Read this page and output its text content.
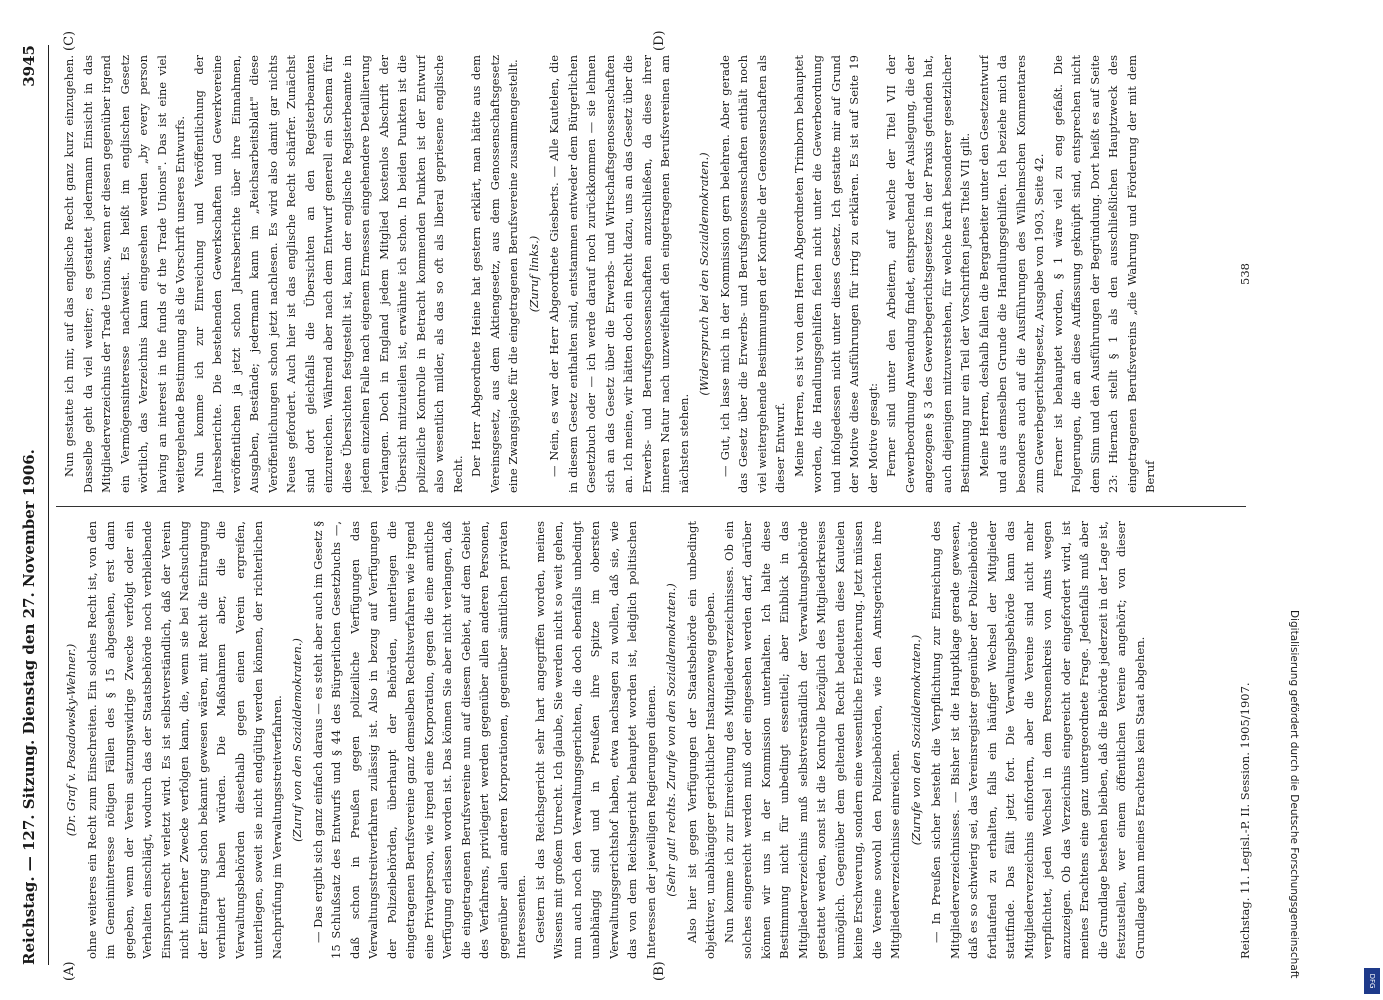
Reichstag. — 127. Sitzung. Dienstag den 27. November 1906.
3945

(Dr. Graf v. Posadowsky-Wehner.) ohne weiteres ein Recht zum Einschreiten. Ein solches Recht ist, von den im Gemeininteresse nötigen Fällen des § 15 abgesehen, erst dann gegeben, wenn der Verein satzungswidrige Zwecke verfolgt oder ein Verhalten einschlägt, wodurch das der Staatsbehörde noch verbleibende Einspruchsrecht verletzt wird. Es ist selbstverständlich, daß der Verein nicht hinterher Zwecke verfolgen kann, die, wenn sie bei Nachsuchung der Eintragung schon bekannt gewesen wären, mit Recht die Eintragung verhindert haben würden. Die Maßnahmen aber, die die Verwaltungsbehörden diesethalb gegen einen Verein ergreifen, unterliegen, soweit sie nicht endgültig werden können, der richterlichen Nachprüfung im Verwaltungsstreitverfahren. (Zuruf von den Sozialdemokraten.) — Das ergibt sich ganz einfach daraus — es steht aber auch im Gesetz § 15 Schlußsatz des Entwurfs und § 44 des Bürgerlichen Gesetzbuchs —, daß schon in Preußen gegen polizeiliche Verfügungen das Verwaltungsstreitverfahren zulässig ist. Also in bezug auf Verfügungen der Polizeibehörden, überhaupt der Behörden, unterliegen die eingetragenen Berufsvereine ganz demselben Rechtsverfahren wie irgend eine Privatperson, wie irgend eine Korporation, gegen die eine amtliche Verfügung erlassen worden ist. Das können Sie aber nicht verlangen, daß die eingetragenen Berufsvereine nun auf diesem Gebiet, auf dem Gebiet des Verfahrens, privilegiert werden gegenüber allen anderen Personen, gegenüber allen anderen Korporationen, gegenüber sämtlichen privaten Interessenten. Gestern ist das Reichsgericht sehr hart angegriffen worden, meines Wissens mit großem Unrecht. Ich glaube, Sie werden nicht so weit gehen, nun auch noch den Verwaltungsgerichten, die doch ebenfalls unbedingt unabhängig sind und in Preußen ihre Spitze im obersten Verwaltungsgerichtshof haben, etwa nachsagen zu wollen, daß sie, wie das von dem Reichsgericht behauptet worden ist, lediglich politischen Interessen der jeweiligen Regierungen dienen. (Sehr gut! rechts. Zurufe von den Sozialdemokraten.) Also hier ist gegen Verfügungen der Staatsbehörde ein unbedingt objektiver, unabhängiger gerichtlicher Instanzenweg gegeben. Nun komme ich zur Einreichung des Mitgliederverzeichnisses. Ob ein solches eingereicht werden muß oder eingesehen werden darf, darüber können wir uns in der Kommission unterhalten. Ich halte diese Bestimmung nicht für unbedingt essentiell; aber Einblick in das Mitgliederverzeichnis muß selbstverständlich der Verwaltungsbehörde gestattet werden, sonst ist die Kontrolle bezüglich des Mitgliederkreises unmöglich. Gegenüber dem geltenden Recht bedeuten diese Kautelen keine Erschwerung, sondern eine wesentliche Erleichterung. Jetzt müssen die Vereine sowohl den Polizeibehörden, wie den Amtsgerichten ihre Mitgliederverzeichnisse einreichen.

(Zurufe von den Sozialdemokraten.) — In Preußen sicher besteht die Verpflichtung zur Einreichung des Mitgliederverzeichnisses. — Bisher ist die Hauptklage gerade gewesen, daß es so schwierig sei, das Vereinsregister gegenüber der Polizeibehörde fortlaufend zu erhalten, falls ein häufiger Wechsel der Mitglieder stattfinde. Das fällt jetzt fort. Die Verwaltungsbehörde kann das Mitgliederverzeichnis einfordern, aber die Vereine sind nicht mehr verpflichtet, jeden Wechsel in dem Personenkreis von Amts wegen anzuzeigen. Ob das Verzeichnis eingereicht oder eingefordert wird, ist meines Erachtens eine ganz untergeordnete Frage. Jedenfalls muß aber die Grundlage bestehen bleiben, daß die Behörde jederzeit in der Lage ist, festzustellen, wer einem öffentlichen Vereine angehört; von dieser Grundlage kann meines Erachtens kein Staat abgehen.

Nun gestatte ich mir, auf das englische Recht ganz kurz einzugehen. Dasselbe geht da viel weiter; es gestattet jedermann Einsicht in das Mitgliederverzeichnis der Trade Unions, wenn er diesen gegenüber irgend ein Vermögensinteresse nachweist. Es heißt im englischen Gesetz wörtlich, das Verzeichnis kann eingesehen werden „by every person having an interest in the funds of the Trade Unions". Das ist eine viel weitergehende Bestimmung als die Vorschrift unseres Entwurfs. Nun komme ich zur Einreichung und Veröffentlichung der Jahresberichte. Die bestehenden Gewerkschaften und Gewerkvereine veröffentlichen ja jetzt schon Jahresberichte über ihre Einnahmen, Ausgaben, Bestände; jedermann kann im „Reichsarbeitsblatt" diese Veröffentlichungen schon jetzt nachlesen. Es wird also damit gar nichts Neues gefordert. Auch hier ist das englische Recht schärfer. Zunächst sind dort gleichfalls die Übersichten an den Registerbeamten einzureichen. Während aber nach dem Entwurf generell ein Schema für diese Übersichten festgestellt ist, kann der englische Registerbeamte in jedem einzelnen Falle nach eigenem Ermessen eingehendere Detaillierung verlangen. Doch in England jedem Mitglied kostenlos Abschrift der Übersicht mitzuteilen ist, erwähnte ich schon. In beiden Punkten ist die polizeiliche Kontrolle in Betracht kommenden Punkten ist der Entwurf also wesentlich milder, als das so oft als liberal gepriesene englische Recht. Der Herr Abgeordnete Heine hat gestern erklärt, man hätte aus dem Vereinsgesetz, aus dem Aktiengesetz, aus dem Genossenschaftsgesetz eine Zwangsjacke für die eingetragenen Berufsvereine zusammengestellt. (Zuruf links.) — Nein, es war der Herr Abgeordnete Giesberts. — Alle Kautelen, die in diesem Gesetz enthalten sind, entstammen entweder dem Bürgerlichen Gesetzbuch oder — ich werde darauf noch zurückkommen — sie lehnen sich an das Gesetz über die Erwerbs- und Wirtschaftsgenossenschaften an. Ich meine, wir hätten doch ein Recht dazu, uns an das Gesetz über die Erwerbs- und Berufsgenossenschaften anzuschließen, da diese ihrer inneren Natur nach unzweifelhaft den eingetragenen Berufsvereinen am nächsten stehen.

(Widerspruch bei den Sozialdemokraten.) — Gut, ich lasse mich in der Kommission gern belehren. Aber gerade das Gesetz über die Erwerbs- und Berufsgenossenschaften enthält noch viel weitergehende Bestimmungen der Kontrolle der Genossenschaften als dieser Entwurf. Meine Herren, es ist von dem Herrn Abgeordneten Trimborn behauptet worden, die Handlungsgehilfen fielen nicht unter die Gewerbeordnung und infolgedessen nicht unter dieses Gesetz. Ich gestatte mir auf Grund der Motive diese Ausführungen für irrig zu erklären. Es ist auf Seite 19 der Motive gesagt: Ferner sind unter den Arbeitern, auf welche der Titel VII der Gewerbeordnung Anwendung findet, entsprechend der Auslegung, die der angezogene § 3 des Gewerbegerichtsgesetzes in der Praxis gefunden hat, auch diejenigen mitzuverstehen, für welche kraft besonderer gesetzlicher Bestimmung nur ein Teil der Vorschriften jenes Titels VII gilt. Meine Herren, deshalb fallen die Bergarbeiter unter den Gesetzentwurf und aus demselben Grunde die Handlungsgehilfen. Ich beziehe mich da besonders auch auf die Ausführungen des Wilhelmschen Kommentares zum Gewerbegerichtsgesetz, Ausgabe von 1903, Seite 42. Ferner ist behauptet worden, § 1 wäre viel zu eng gefaßt. Die Folgerungen, die an diese Auffassung geknüpft sind, entsprechen nicht dem Sinn und den Ausführungen der Begründung. Dort heißt es auf Seite 23: Hiernach stellt § 1 als den ausschließlichen Hauptzweck des eingetragenen Berufsvereins „die Wahrung und Förderung der mit dem Beruf

(A)	(B)
(C)	(D)
Reichstag. 11. Legisl.-P. II. Session. 1905/1907.
538
Digitalisierung gefördert durch die Deutsche Forschungsgemeinschaft
DFG
